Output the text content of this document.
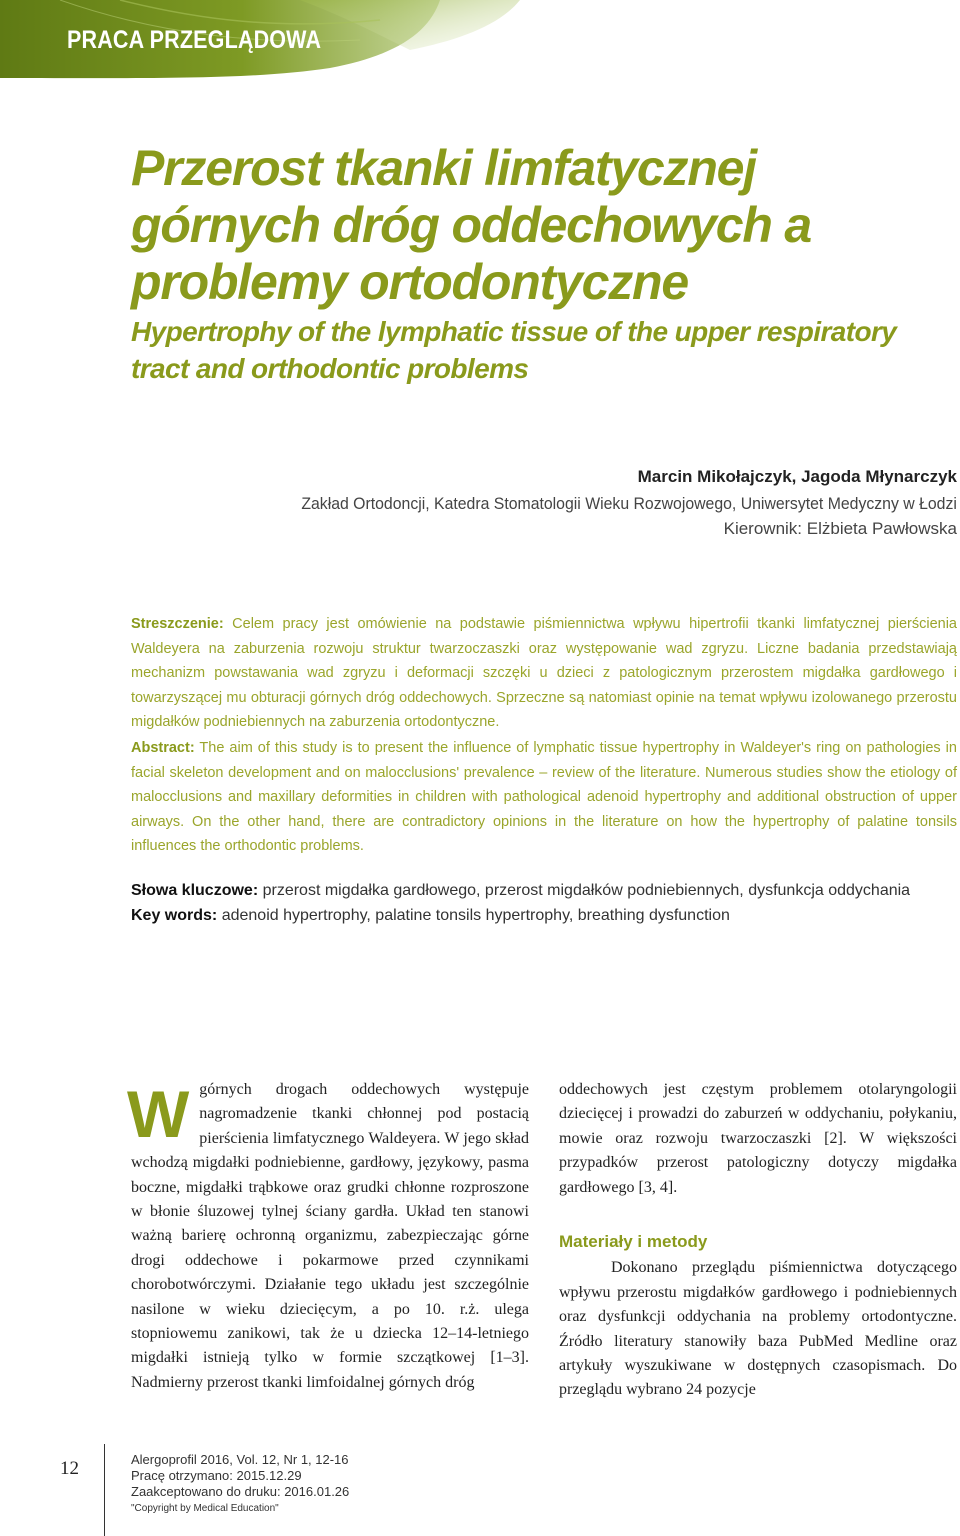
PRACA PRZEGLĄDOWA
Przerost tkanki limfatycznej górnych dróg oddechowych a problemy ortodontyczne
Hypertrophy of the lymphatic tissue of the upper respiratory tract and orthodontic problems
Marcin Mikołajczyk, Jagoda Młynarczyk
Zakład Ortodoncji, Katedra Stomatologii Wieku Rozwojowego, Uniwersytet Medyczny w Łodzi
Kierownik: Elżbieta Pawłowska
Streszczenie: Celem pracy jest omówienie na podstawie piśmiennictwa wpływu hipertrofii tkanki limfatycznej pierścienia Waldeyera na zaburzenia rozwoju struktur twarzoczaszki oraz występowanie wad zgryzu. Liczne badania przedstawiają mechanizm powstawania wad zgryzu i deformacji szczęki u dzieci z patologicznym przerostem migdałka gardłowego i towarzyszącej mu obturacji górnych dróg oddechowych. Sprzeczne są natomiast opinie na temat wpływu izolowanego przerostu migdałków podniebiennych na zaburzenia ortodontyczne.
Abstract: The aim of this study is to present the influence of lymphatic tissue hypertrophy in Waldeyer's ring on pathologies in facial skeleton development and on malocclusions' prevalence – review of the literature. Numerous studies show the etiology of malocclusions and maxillary deformities in children with pathological adenoid hypertrophy and additional obstruction of upper airways. On the other hand, there are contradictory opinions in the literature on how the hypertrophy of palatine tonsils influences the orthodontic problems.
Słowa kluczowe: przerost migdałka gardłowego, przerost migdałków podniebiennych, dysfunkcja oddychania
Key words: adenoid hypertrophy, palatine tonsils hypertrophy, breathing dysfunction
W górnych drogach oddechowych występuje nagromadzenie tkanki chłonnej pod postacią pierścienia limfatycznego Waldeyera. W jego skład wchodzą migdałki podniebienne, gardłowy, językowy, pasma boczne, migdałki trąbkowe oraz grudki chłonne rozproszone w błonie śluzowej tylnej ściany gardła. Układ ten stanowi ważną barierę ochronną organizmu, zabezpieczając górne drogi oddechowe i pokarmowe przed czynnikami chorobotwórczymi. Działanie tego układu jest szczególnie nasilone w wieku dziecięcym, a po 10. r.ż. ulega stopniowemu zanikowi, tak że u dziecka 12–14-letniego migdałki istnieją tylko w formie szczątkowej [1–3]. Nadmierny przerost tkanki limfoidalnej górnych dróg

oddechowych jest częstym problemem otolaryngologii dziecięcej i prowadzi do zaburzeń w oddychaniu, połykaniu, mowie oraz rozwoju twarzoczaszki [2]. W większości przypadków przerost patologiczny dotyczy migdałka gardłowego [3, 4].

Materiały i metody

Dokonano przeglądu piśmiennictwa dotyczącego wpływu przerostu migdałków gardłowego i podniebiennych oraz dysfunkcji oddychania na problemy ortodontyczne. Źródło literatury stanowiły baza PubMed Medline oraz artykuły wyszukiwane w dostępnych czasopismach. Do przeglądu wybrano 24 pozycje

12	Alergoprofil 2016, Vol. 12, Nr 1, 12-16
Pracę otrzymano: 2015.12.29
Zaakceptowano do druku: 2016.01.26
"Copyright by Medical Education"
